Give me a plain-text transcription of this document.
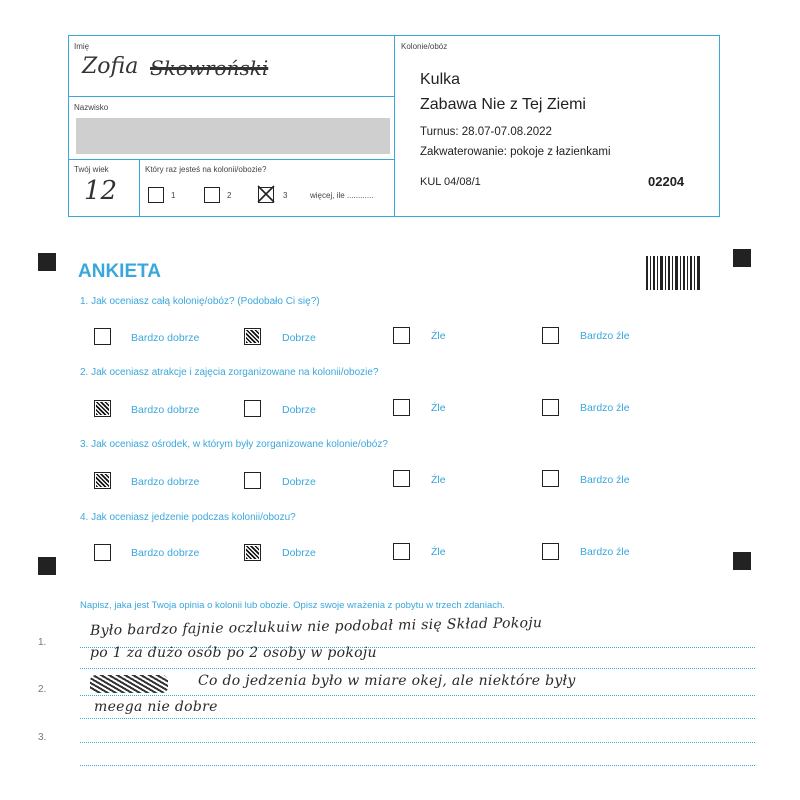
Imię
Zofia Skowroński
Nazwisko
Twój wiek
12
Który raz jesteś na kolonii/obozie?
1	2	3	więcej, ile ............
Kolonie/obóz
Kulka
Zabawa Nie z Tej Ziemi
Turnus: 28.07-07.08.2022
Zakwaterowanie: pokoje z łazienkami
KUL 04/08/1	02204
ANKIETA
1. Jak oceniasz całą kolonię/obóz? (Podobało Ci się?)
Bardzo dobrze	Dobrze	Źle	Bardzo źle
2. Jak oceniasz atrakcje i zajęcia zorganizowane na kolonii/obozie?
Bardzo dobrze	Dobrze	Źle	Bardzo źle
3. Jak oceniasz ośrodek, w którym były zorganizowane kolonie/obóz?
Bardzo dobrze	Dobrze	Źle	Bardzo źle
4. Jak oceniasz jedzenie podczas kolonii/obozu?
Bardzo dobrze	Dobrze	Źle	Bardzo źle
Napisz, jaka jest Twoja opinia o kolonii lub obozie. Opisz swoje wrażenia z pobytu w trzech zdaniach.
1.
2.
3.
Było bardzo fajnie oczlukuiw nie podobał mi się Skład Pokoju
po 1 za dużo osób po 2 osoby w pokoju
Co do jedzenia było w miare okej, ale niektóre były
meega nie dobre
